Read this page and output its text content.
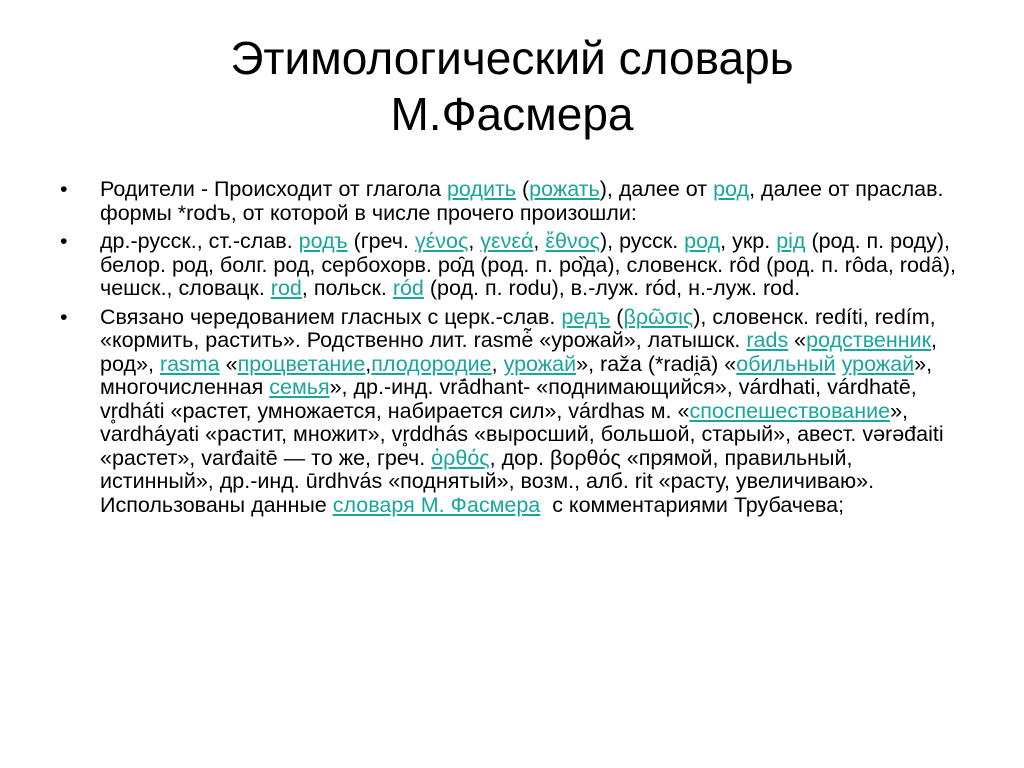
Этимологический словарь
М.Фасмера
•	Родители - Происходит от глагола родить (рожать), далее от род, далее от праслав. формы *rodъ, от которой в числе прочего произошли:
•	др.-русск., ст.-слав. родъ (греч. γένος, γενεά, ἔθνος), русск. род, укр. рiд (род. п. роду), белор. род, болг. род, сербохорв. ро̑д (род. п. ро̏да), словенск. rȏd (род. п. rôda, rodȃ), чешск., словацк. rod, польск. ród (род. п. rodu), в.-луж. ród, н.-луж. rod.
•	Связано чередованием гласных с церк.-слав. редъ (βρῶσις), словенск. redíti, redím, «кормить, растить». Родственно лит. rasmė̃ «урожай», латышск. rads «родственник, род», rasma «процветание,плодородие, урожай», raža (*radi̯ā) «обильный урожай», многочисленная семья», др.-инд. vrā́dhant- «поднимающийся», várdhati, várdhatē, vr̥dháti «растет, умножается, набирается сил», várdhas м. «споспешествование», vardháyati «растит, множит», vr̥ddhás «выросший, большой, старый», авест. vərəđaiti «растет», varđaitē — то же, греч. ὀρθός, дор. βορθός «прямой, правильный, истинный», др.-инд. ūrdhvás «поднятый», возм., алб. rit «расту, увеличиваю». Использованы данные словаря М. Фасмера  с комментариями Трубачева;
